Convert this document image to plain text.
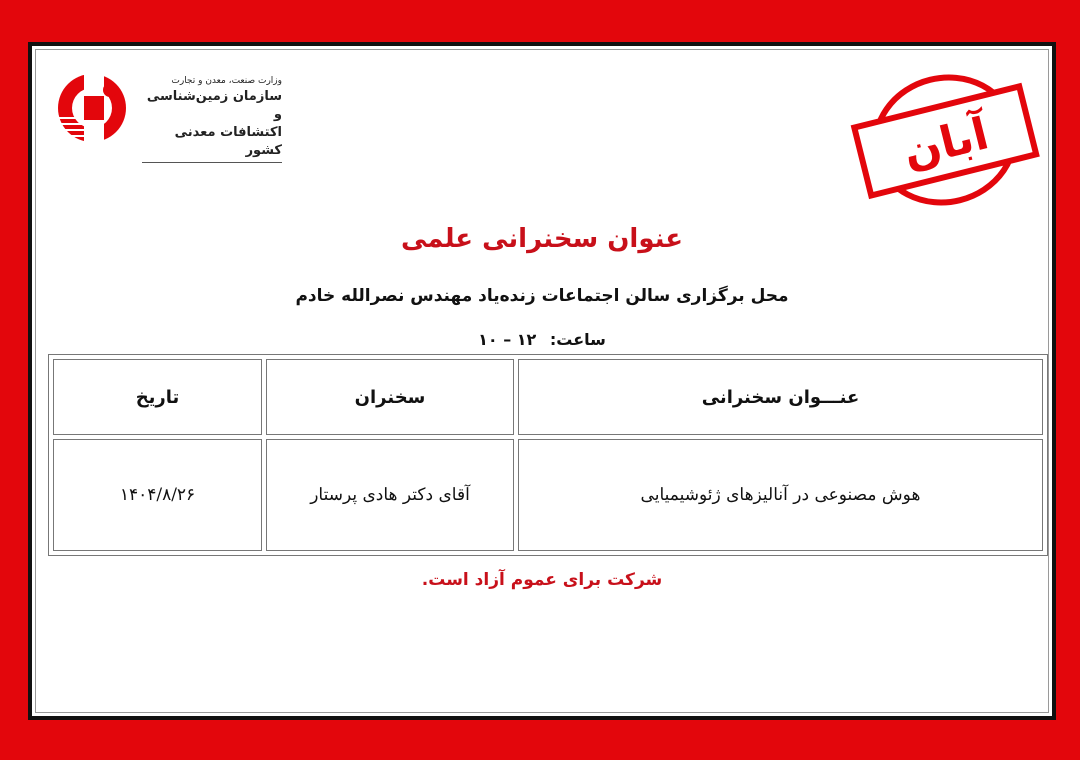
وزارت صنعت، معدن و تجارت
سازمان زمین‌شناسی و
اکتشافات معدنی کشور	آبان
عنوان سخنرانی علمی
محل برگزاری سالن اجتماعات زنده‌یاد مهندس نصرالله خادم
ساعت: ۱۲ – ۱۰
عنـــوان سخنرانی	سخنران	تاریخ
هوش مصنوعی در آنالیزهای ژئوشیمیایی	آقای دکتر هادی پرستار	۱۴۰۴/۸/۲۶
شرکت برای عموم آزاد است.
